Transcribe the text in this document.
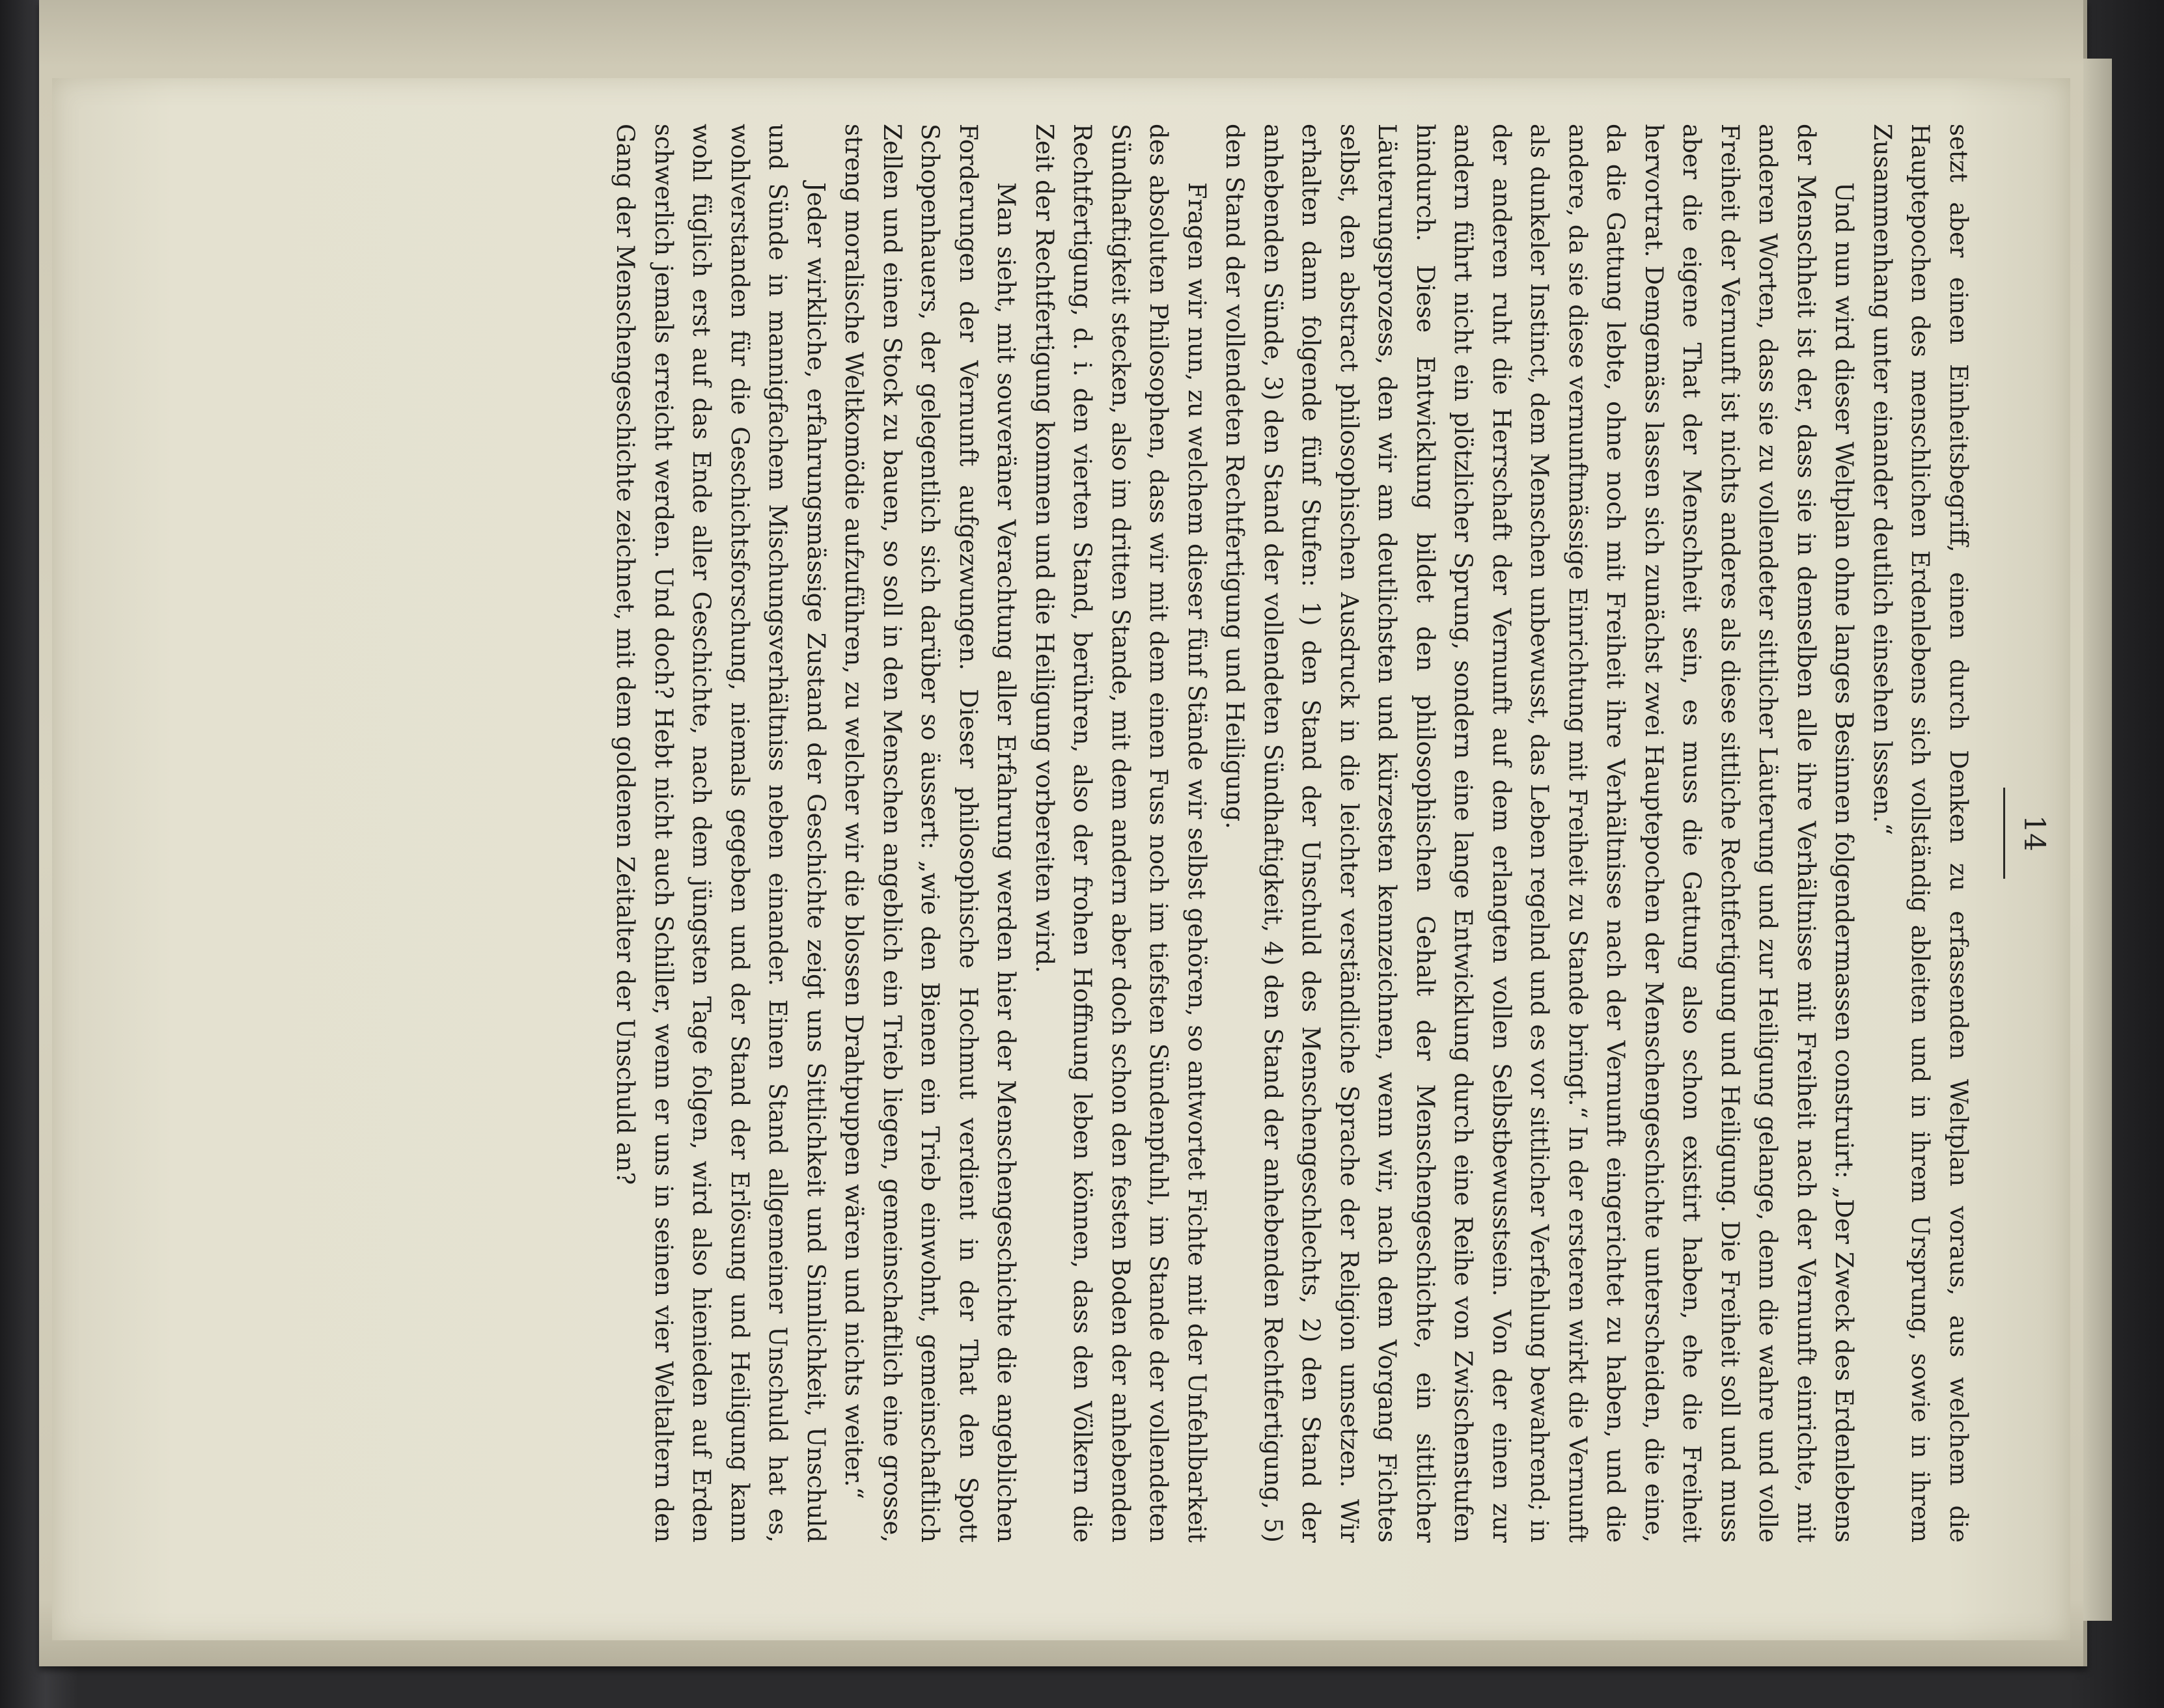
14

setzt aber einen Einheitsbegriff, einen durch Denken zu erfassenden Weltplan voraus, aus welchem die Hauptepochen des menschlichen Erdenlebens sich vollständig ableiten und in ihrem Ursprung, sowie in ihrem Zusammenhang unter einander deutlich einsehen lsssen.“

Und nun wird dieser Weltplan ohne langes Besinnen folgendermassen construirt: „Der Zweck des Erdenlebens der Menschheit ist der, dass sie in demselben alle ihre Verhältnisse mit Freiheit nach der Vernunft einrichte, mit anderen Worten, dass sie zu vollendeter sittlicher Läuterung und zur Heiligung gelange, denn die wahre und volle Freiheit der Vernunft ist nichts anderes als diese sittliche Rechtfertigung und Heiligung. Die Freiheit soll und muss aber die eigene That der Menschheit sein, es muss die Gattung also schon existirt haben, ehe die Freiheit hervortrat. Demgemäss lassen sich zunächst zwei Hauptepochen der Menschengeschichte unterscheiden, die eine, da die Gattung lebte, ohne noch mit Freiheit ihre Verhältnisse nach der Vernunft eingerichtet zu haben, und die andere, da sie diese vernunftmässige Einrichtung mit Freiheit zu Stande bringt.“ In der ersteren wirkt die Vernunft als dunkeler Instinct, dem Menschen unbewusst, das Leben regelnd und es vor sittlicher Verfehlung bewahrend; in der anderen ruht die Herrschaft der Vernunft auf dem erlangten vollen Selbstbewusstsein. Von der einen zur andern führt nicht ein plötzlicher Sprung, sondern eine lange Entwicklung durch eine Reihe von Zwischenstufen hindurch. Diese Entwicklung bildet den philosophischen Gehalt der Menschengeschichte, ein sittlicher Läuterungsprozess, den wir am deutlichsten und kürzesten kennzeichnen, wenn wir, nach dem Vorgang Fichtes selbst, den abstract philosophischen Ausdruck in die leichter verständliche Sprache der Religion umsetzen. Wir erhalten dann folgende fünf Stufen: 1) den Stand der Unschuld des Menschengeschlechts, 2) den Stand der anhebenden Sünde, 3) den Stand der vollendeten Sündhaftigkeit, 4) den Stand der anhebenden Rechtfertigung, 5) den Stand der vollendeten Rechtfertigung und Heiligung.

Fragen wir nun, zu welchem dieser fünf Stände wir selbst gehören, so antwortet Fichte mit der Unfehlbarkeit des absoluten Philosophen, dass wir mit dem einen Fuss noch im tiefsten Sündenpfuhl, im Stande der vollendeten Sündhaftigkeit stecken, also im dritten Stande, mit dem andern aber doch schon den festen Boden der anhebenden Rechtfertigung, d. i. den vierten Stand, berühren, also der frohen Hoffnung leben können, dass den Völkern die Zeit der Rechtfertigung kommen und die Heiligung vorbereiten wird.

Man sieht, mit souveräner Verachtung aller Erfahrung werden hier der Menschengeschichte die angeblichen Forderungen der Vernunft aufgezwungen. Dieser philosophische Hochmut verdient in der That den Spott Schopenhauers, der gelegentlich sich darüber so äussert: „wie den Bienen ein Trieb einwohnt, gemeinschaftlich Zellen und einen Stock zu bauen, so soll in den Menschen angeblich ein Trieb liegen, gemeinschaftlich eine grosse, streng moralische Weltkomödie aufzuführen, zu welcher wir die blossen Drahtpuppen wären und nichts weiter.“

Jeder wirkliche, erfahrungsmässige Zustand der Geschichte zeigt uns Sittlichkeit und Sinnlichkeit, Unschuld und Sünde in mannigfachem Mischungsverhältniss neben einander. Einen Stand allgemeiner Unschuld hat es, wohlverstanden für die Geschichtsforschung, niemals gegeben und der Stand der Erlösung und Heiligung kann wohl füglich erst auf das Ende aller Geschichte, nach dem jüngsten Tage folgen, wird also hienieden auf Erden schwerlich jemals erreicht werden. Und doch? Hebt nicht auch Schiller, wenn er uns in seinen vier Weltaltern den Gang der Menschengeschichte zeichnet, mit dem goldenen Zeitalter der Unschuld an?
